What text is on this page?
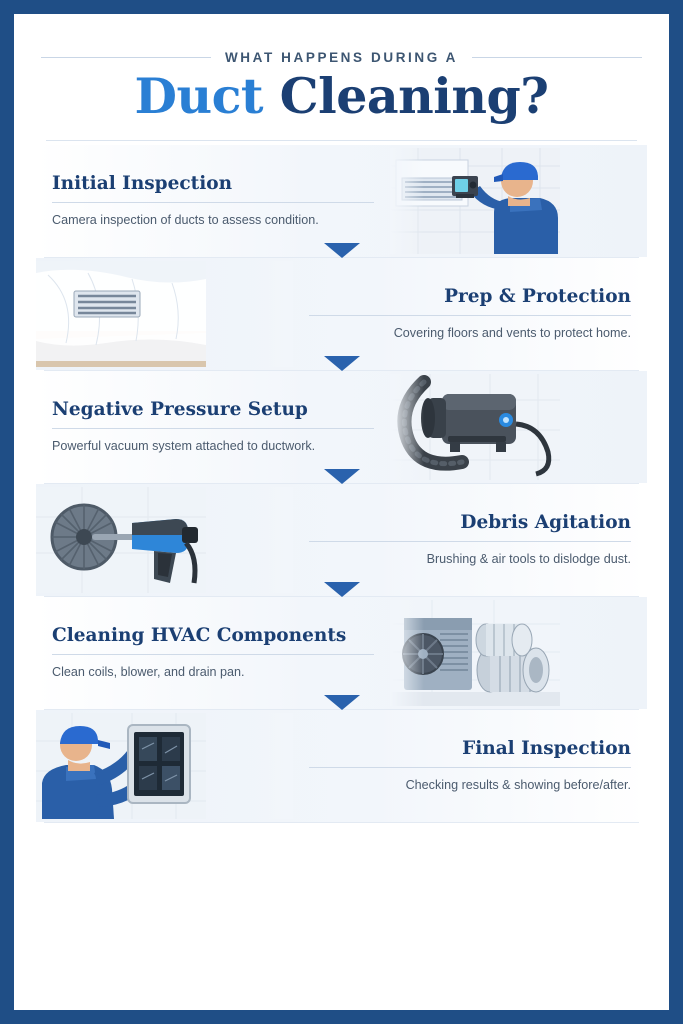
WHAT HAPPENS DURING A
Duct Cleaning?
Initial Inspection
Camera inspection of ducts to assess condition.
Prep & Protection
Covering floors and vents to protect home.
Negative Pressure Setup
Powerful vacuum system attached to ductwork.
Debris Agitation
Brushing & air tools to dislodge dust.
Cleaning HVAC Components
Clean coils, blower, and drain pan.
Final Inspection
Checking results & showing before/after.
